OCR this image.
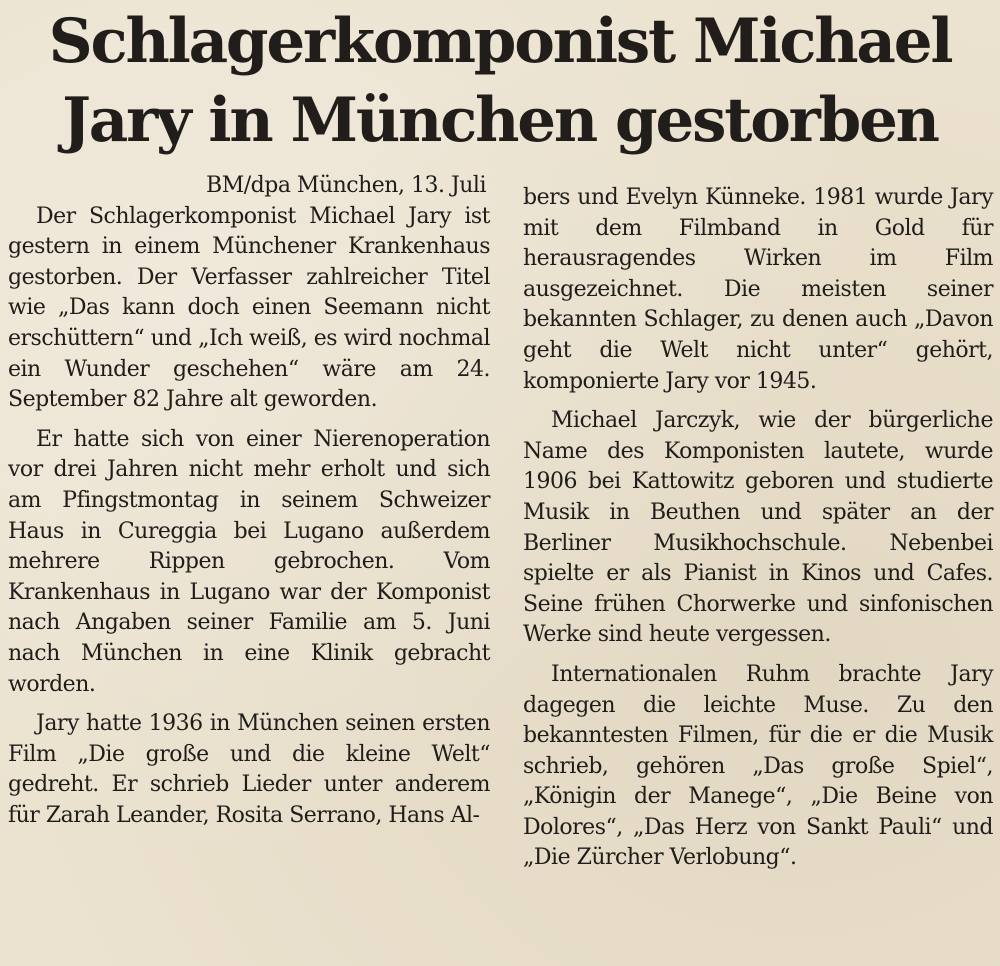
Schlagerkomponist Michael
Jary in München gestorben
BM/dpa München, 13. Juli

Der Schlagerkomponist Michael Jary ist gestern in einem Münchener Krankenhaus gestorben. Der Verfasser zahlreicher Titel wie „Das kann doch einen Seemann nicht erschüttern“ und „Ich weiß, es wird nochmal ein Wunder geschehen“ wäre am 24. September 82 Jahre alt geworden.

Er hatte sich von einer Nierenoperation vor drei Jahren nicht mehr erholt und sich am Pfingstmontag in seinem Schweizer Haus in Cureggia bei Lugano außerdem mehrere Rippen gebrochen. Vom Krankenhaus in Lugano war der Komponist nach Angaben seiner Familie am 5. Juni nach München in eine Klinik gebracht worden.

Jary hatte 1936 in München seinen ersten Film „Die große und die kleine Welt“ gedreht. Er schrieb Lieder unter anderem für Zarah Leander, Rosita Serrano, Hans Al-

bers und Evelyn Künneke. 1981 wurde Jary mit dem Filmband in Gold für herausragendes Wirken im Film ausgezeichnet. Die meisten seiner bekannten Schlager, zu denen auch „Davon geht die Welt nicht unter“ gehört, komponierte Jary vor 1945.

Michael Jarczyk, wie der bürgerliche Name des Komponisten lautete, wurde 1906 bei Kattowitz geboren und studierte Musik in Beuthen und später an der Berliner Musikhochschule. Nebenbei spielte er als Pianist in Kinos und Cafes. Seine frühen Chorwerke und sinfonischen Werke sind heute vergessen.

Internationalen Ruhm brachte Jary dagegen die leichte Muse. Zu den bekanntesten Filmen, für die er die Musik schrieb, gehören „Das große Spiel“, „Königin der Manege“, „Die Beine von Dolores“, „Das Herz von Sankt Pauli“ und „Die Zürcher Verlobung“.
